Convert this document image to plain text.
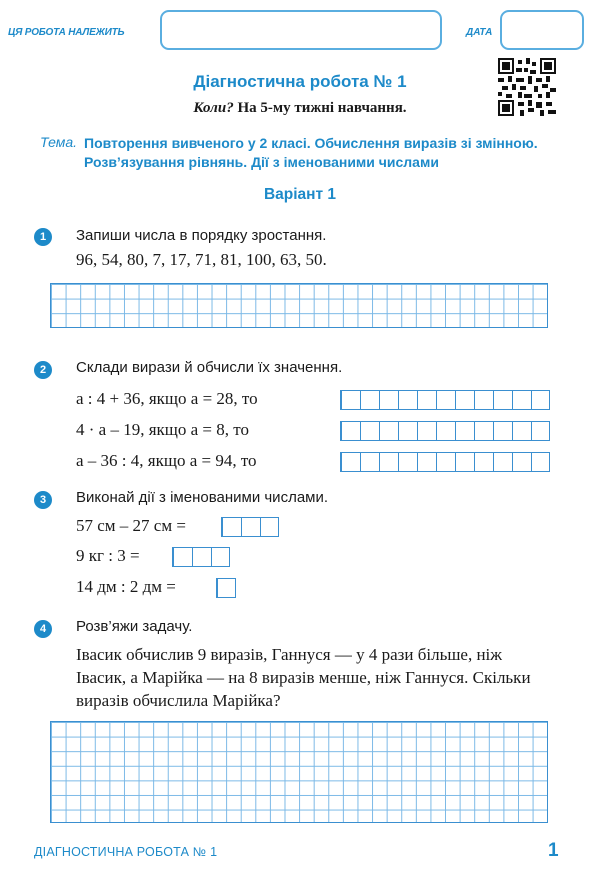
ЦЯ РОБОТА НАЛЕЖИТЬ	ДАТА
Діагностична робота № 1
Коли? На 5-му тижні навчання.
Тема. Повторення вивченого у 2 класі. Обчислення виразів зі змінною. Розв’язування рівнянь. Дії з іменованими числами
Варіант 1
1	Запиши числа в порядку зростання.
96, 54, 80, 7, 17, 71, 81, 100, 63, 50.
2	Склади вирази й обчисли їх значення.
a : 4 + 36, якщо a = 28, то
4 · a – 19, якщо a = 8, то
a – 36 : 4, якщо a = 94, то
3	Виконай дії з іменованими числами.
57 см – 27 см =
9 кг : 3 =
14 дм : 2 дм =
4	Розв’яжи задачу.
Івасик обчислив 9 виразів, Ганнуся — у 4 рази більше, ніж Івасик, а Марійка — на 8 виразів менше, ніж Ганнуся. Скільки виразів обчислила Марійка?
ДІАГНОСТИЧНА РОБОТА № 1	1
